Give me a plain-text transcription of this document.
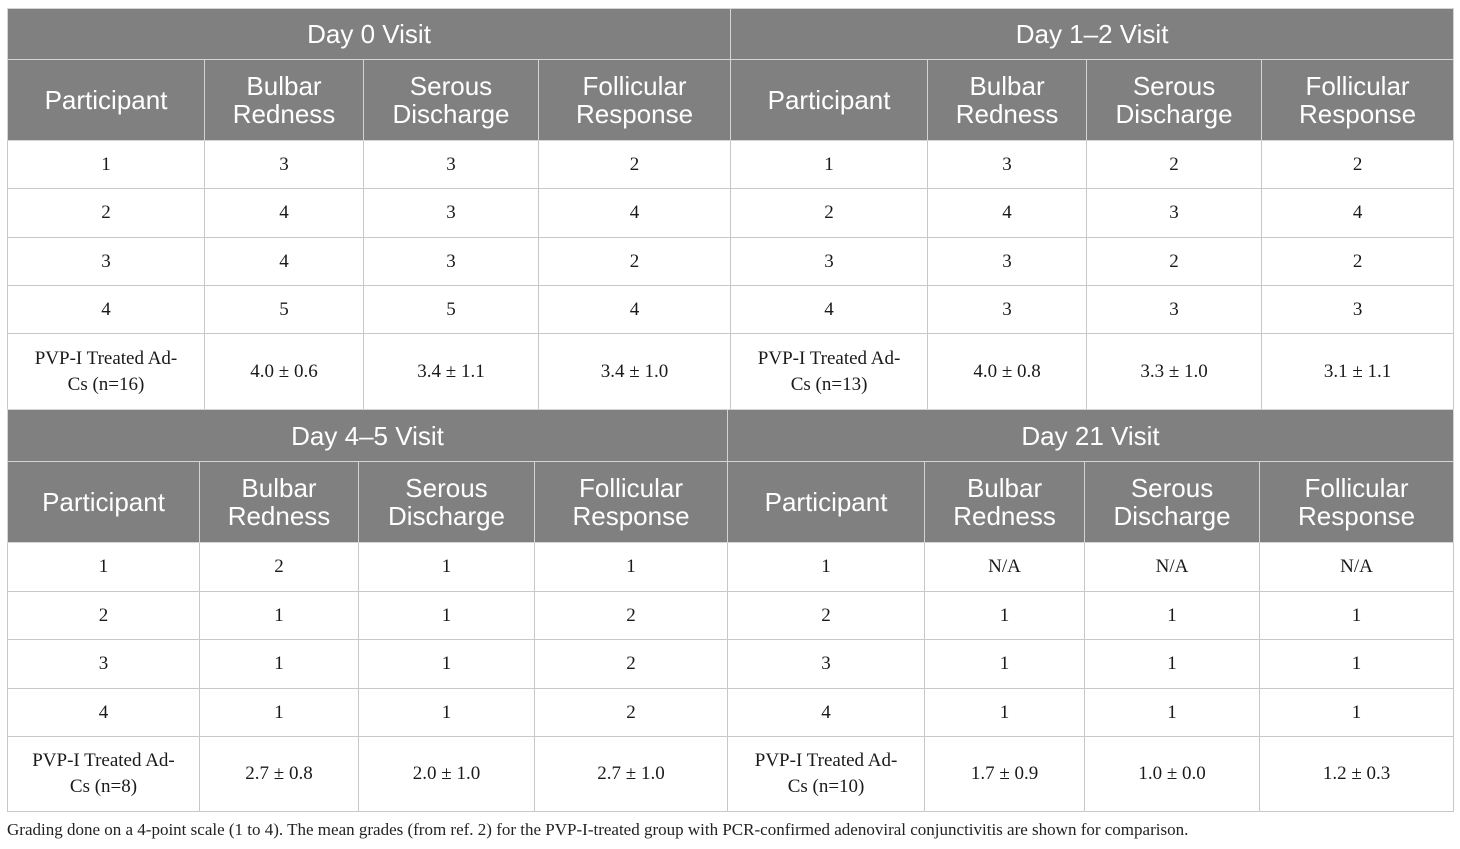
Day 0 Visit				Day 1–2 Visit			
Participant	Bulbar Redness	Serous Discharge	Follicular Response	Participant	Bulbar Redness	Serous Discharge	Follicular Response
1	3	3	2	1	3	2	2
2	4	3	4	2	4	3	4
3	4	3	2	3	3	2	2
4	5	5	4	4	3	3	3
PVP-I Treated Ad-Cs (n=16)	4.0 ± 0.6	3.4 ± 1.1	3.4 ± 1.0	PVP-I Treated Ad-Cs (n=13)	4.0 ± 0.8	3.3 ± 1.0	3.1 ± 1.1
Day 4–5 Visit				Day 21 Visit			
Participant	Bulbar Redness	Serous Discharge	Follicular Response	Participant	Bulbar Redness	Serous Discharge	Follicular Response
1	2	1	1	1	N/A	N/A	N/A
2	1	1	2	2	1	1	1
3	1	1	2	3	1	1	1
4	1	1	2	4	1	1	1
PVP-I Treated Ad-Cs (n=8)	2.7 ± 0.8	2.0 ± 1.0	2.7 ± 1.0	PVP-I Treated Ad-Cs (n=10)	1.7 ± 0.9	1.0 ± 0.0	1.2 ± 0.3
Grading done on a 4-point scale (1 to 4). The mean grades (from ref. 2) for the PVP-I-treated group with PCR-confirmed adenoviral conjunctivitis are shown for comparison.
